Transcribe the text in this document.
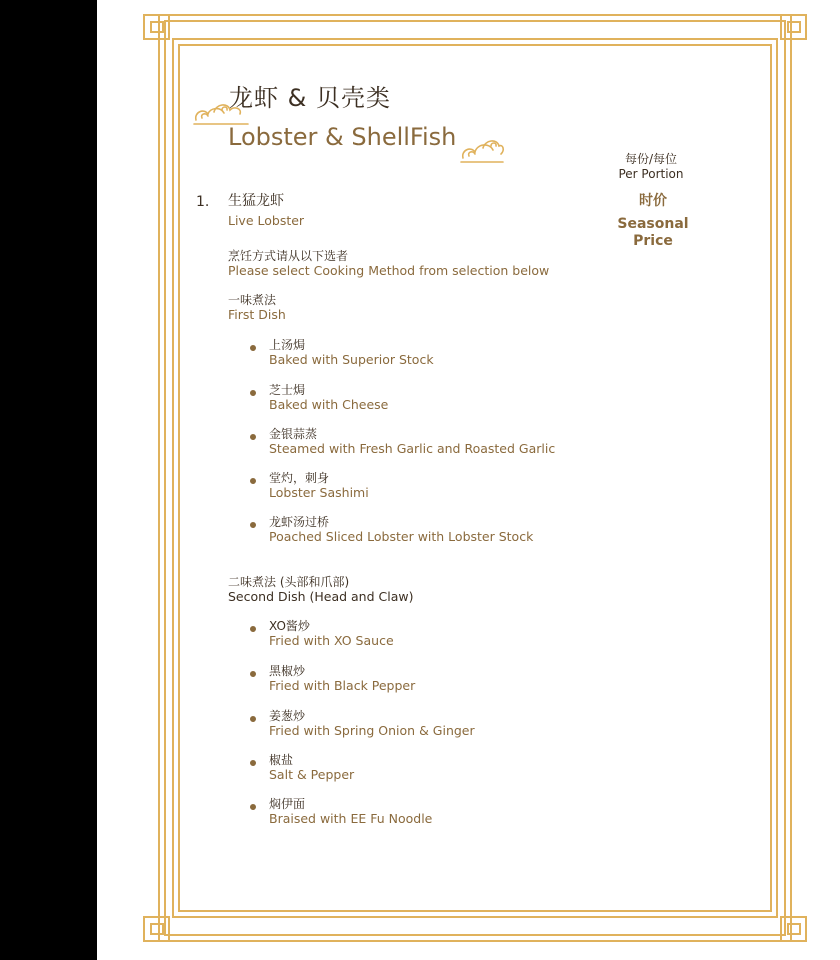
龙虾 & 贝壳类
Lobster & ShellFish
每份/每位
Per Portion
时价
Seasonal
Price
1. 生猛龙虾
Live Lobster
烹饪方式请从以下选者
Please select Cooking Method from selection below
一味煮法
First Dish
上汤焗
Baked with Superior Stock
芝士焗
Baked with Cheese
金银蒜蒸
Steamed with Fresh Garlic and Roasted Garlic
堂灼，刺身
Lobster Sashimi
龙虾汤过桥
Poached Sliced Lobster with Lobster Stock
二味煮法 (头部和爪部)
Second Dish (Head and Claw)
XO酱炒
Fried with XO Sauce
黑椒炒
Fried with Black Pepper
姜葱炒
Fried with Spring Onion & Ginger
椒盐
Salt & Pepper
焖伊面
Braised with EE Fu Noodle
